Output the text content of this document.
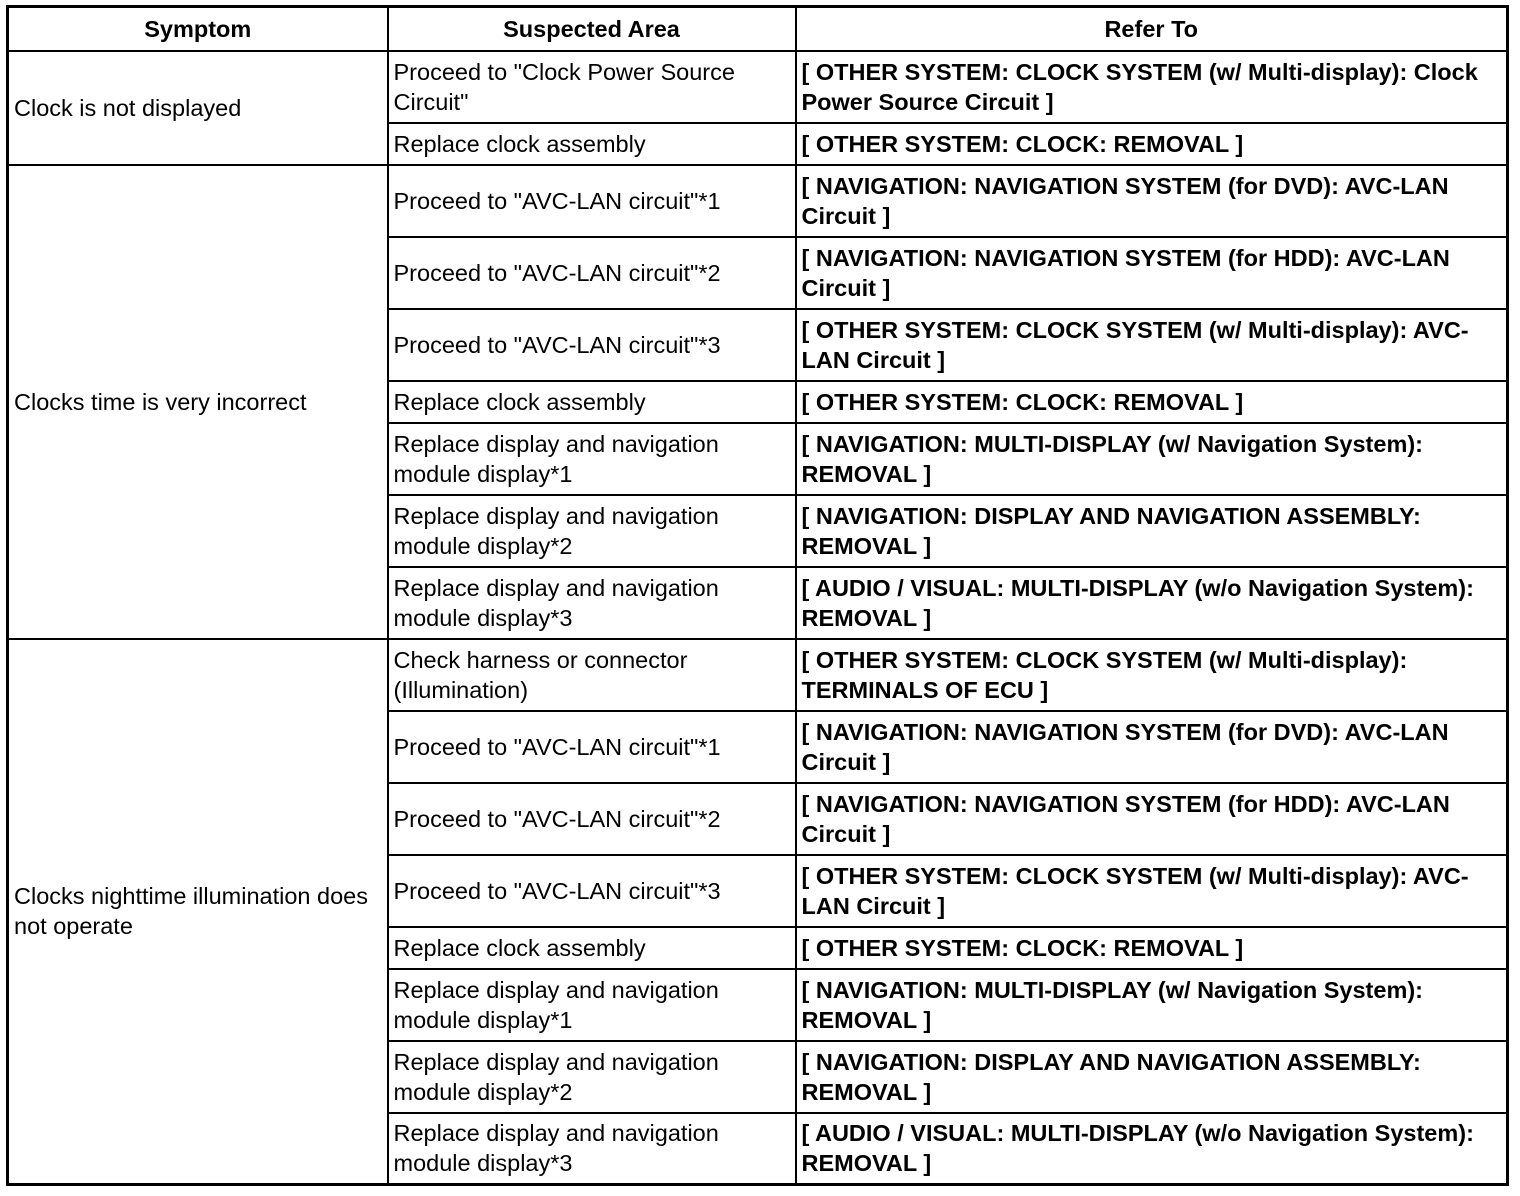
Symptom	Suspected Area	Refer To
Clock is not displayed	Proceed to "Clock Power Source Circuit"	[ OTHER SYSTEM: CLOCK SYSTEM (w/ Multi-display): Clock Power Source Circuit ]
	Replace clock assembly	[ OTHER SYSTEM: CLOCK: REMOVAL ]
Clocks time is very incorrect	Proceed to "AVC-LAN circuit"*1	[ NAVIGATION: NAVIGATION SYSTEM (for DVD): AVC-LAN Circuit ]
	Proceed to "AVC-LAN circuit"*2	[ NAVIGATION: NAVIGATION SYSTEM (for HDD): AVC-LAN Circuit ]
	Proceed to "AVC-LAN circuit"*3	[ OTHER SYSTEM: CLOCK SYSTEM (w/ Multi-display): AVC-LAN Circuit ]
	Replace clock assembly	[ OTHER SYSTEM: CLOCK: REMOVAL ]
	Replace display and navigation module display*1	[ NAVIGATION: MULTI-DISPLAY (w/ Navigation System): REMOVAL ]
	Replace display and navigation module display*2	[ NAVIGATION: DISPLAY AND NAVIGATION ASSEMBLY: REMOVAL ]
	Replace display and navigation module display*3	[ AUDIO / VISUAL: MULTI-DISPLAY (w/o Navigation System): REMOVAL ]
Clocks nighttime illumination does not operate	Check harness or connector (Illumination)	[ OTHER SYSTEM: CLOCK SYSTEM (w/ Multi-display): TERMINALS OF ECU ]
	Proceed to "AVC-LAN circuit"*1	[ NAVIGATION: NAVIGATION SYSTEM (for DVD): AVC-LAN Circuit ]
	Proceed to "AVC-LAN circuit"*2	[ NAVIGATION: NAVIGATION SYSTEM (for HDD): AVC-LAN Circuit ]
	Proceed to "AVC-LAN circuit"*3	[ OTHER SYSTEM: CLOCK SYSTEM (w/ Multi-display): AVC-LAN Circuit ]
	Replace clock assembly	[ OTHER SYSTEM: CLOCK: REMOVAL ]
	Replace display and navigation module display*1	[ NAVIGATION: MULTI-DISPLAY (w/ Navigation System): REMOVAL ]
	Replace display and navigation module display*2	[ NAVIGATION: DISPLAY AND NAVIGATION ASSEMBLY: REMOVAL ]
	Replace display and navigation module display*3	[ AUDIO / VISUAL: MULTI-DISPLAY (w/o Navigation System): REMOVAL ]
